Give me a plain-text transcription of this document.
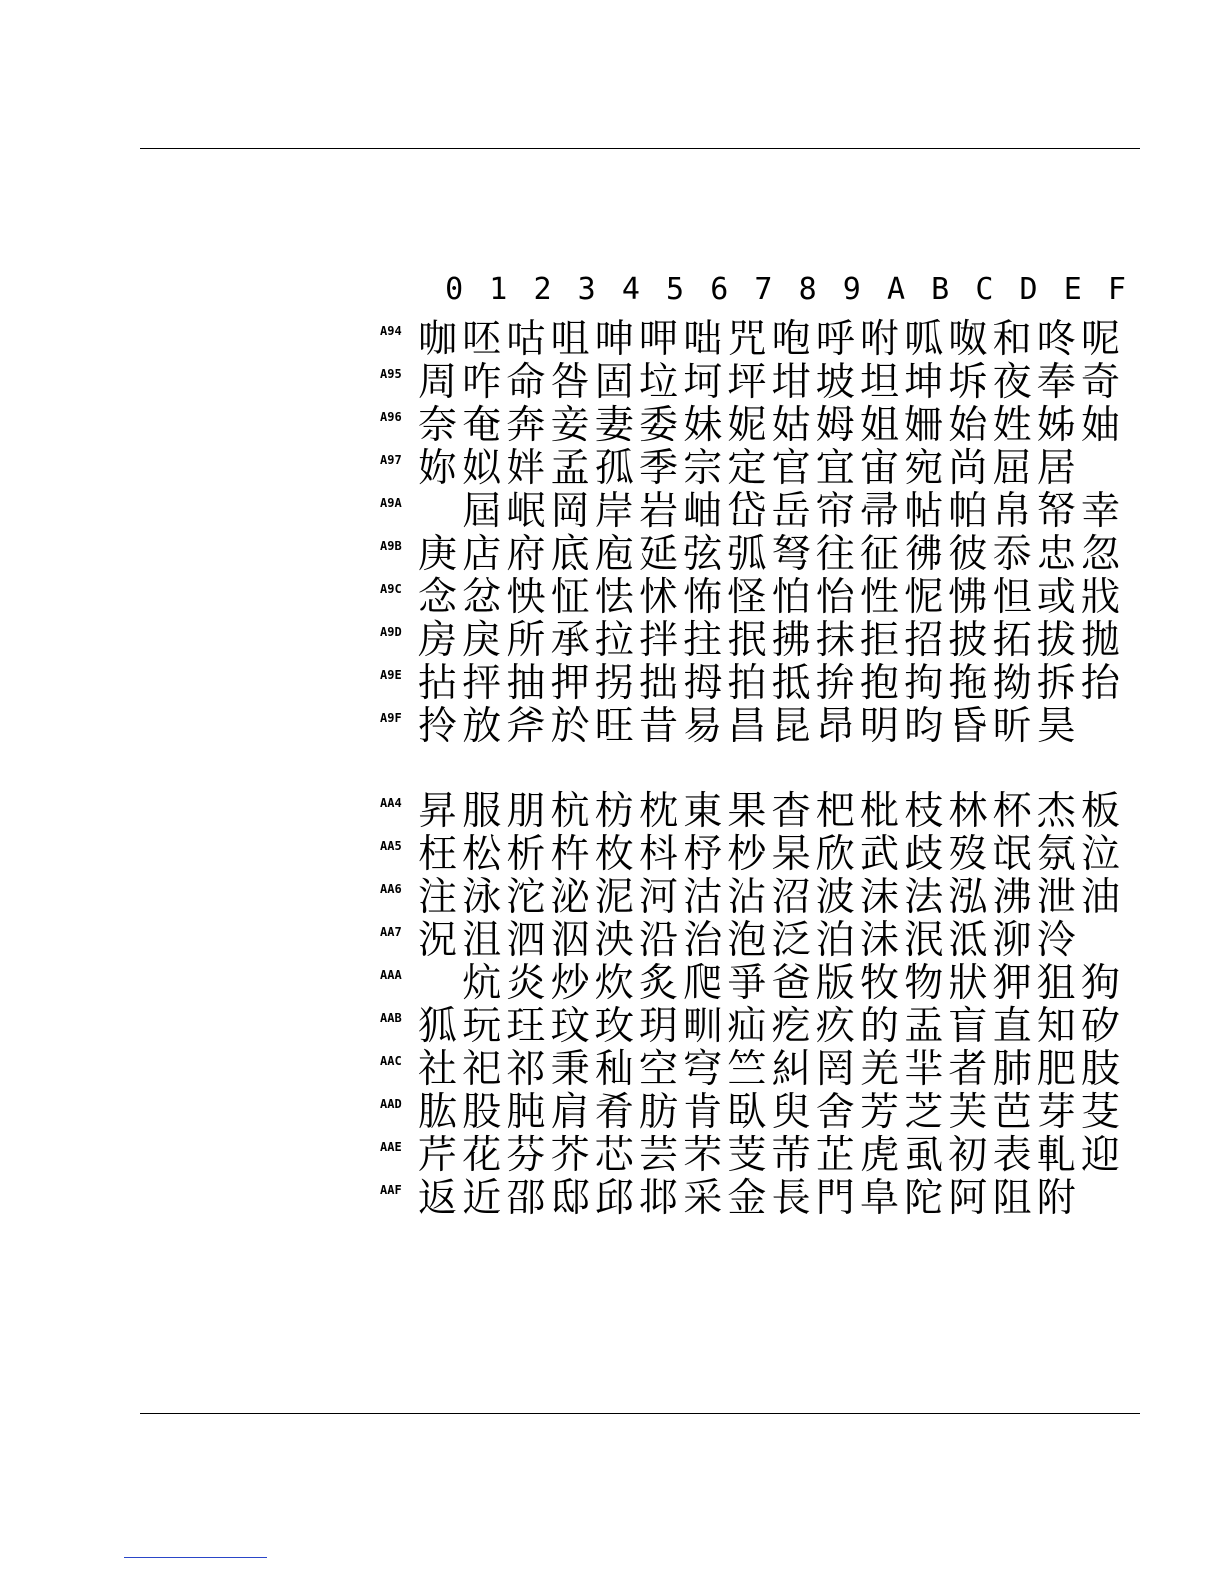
0 1 2 3 4 5 6 7 8 9 A B C D E F
A94 咖呸咕咀呻呷咄咒咆呼咐呱呶和咚呢
A95 周咋命咎固垃坷坪坩坡坦坤坼夜奉奇
A96 奈奄奔妾妻委妹妮姑姆姐姍始姓姊妯
A97 妳姒姅孟孤季宗定官宜宙宛尚屈居
A9A 　屆岷岡岸岩岫岱岳帘帚帖帕帛帑幸
A9B 庚店府底庖延弦弧弩往征彿彼忝忠忽
A9C 念忿怏怔怯怵怖怪怕怡性怩怫怛或戕
A9D 房戾所承拉拌拄抿拂抹拒招披拓拔拋
A9E 拈抨抽押拐拙拇拍抵拚抱拘拖拗拆抬
A9F 拎放斧於旺昔易昌昆昂明昀昏昕昊
AA4 昇服朋杭枋枕東果杳杷枇枝林杯杰板
AA5 枉松析杵枚枓杼杪杲欣武歧歿氓氛泣
AA6 注泳沱泌泥河沽沾沼波沫法泓沸泄油
AA7 況沮泗泅泱沿治泡泛泊沬泯泜泖泠
AAA 　炕炎炒炊炙爬爭爸版牧物狀狎狙狗
AAB 狐玩玨玟玫玥甽疝疙疚的盂盲直知矽
AAC 社祀祁秉秈空穹竺糾罔羌羋者肺肥肢
AAD 肱股肫肩肴肪肯臥臾舍芳芝芙芭芽芟
AAE 芹花芬芥芯芸芣芰芾芷虎虱初表軋迎
AAF 返近邵邸邱邶采金長門阜陀阿阻附
